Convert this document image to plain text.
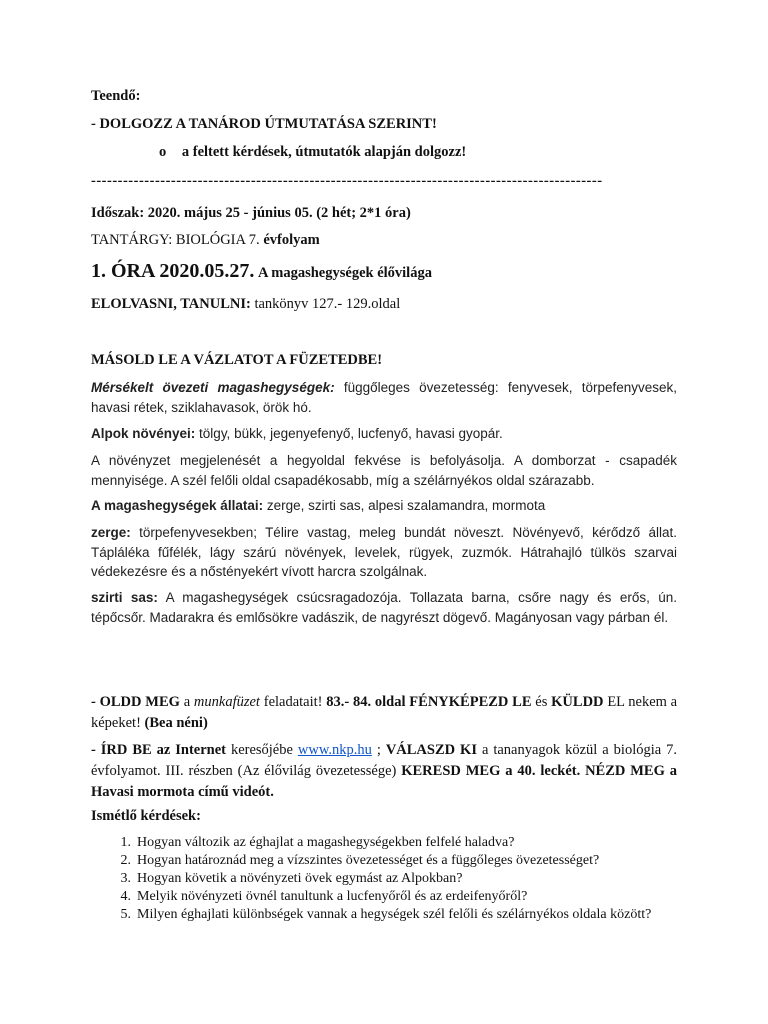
Teendő:
- DOLGOZZ A TANÁROD ÚTMUTATÁSA SZERINT!
o a feltett kérdések, útmutatók alapján dolgozz!
------------------------------------------------------------------------------------------------
Időszak: 2020. május 25 - június 05. (2 hét; 2*1 óra)
TANTÁRGY: BIOLÓGIA 7. évfolyam
1. ÓRA 2020.05.27. A magashegységek élővilága
ELOLVASNI, TANULNI: tankönyv 127.- 129.oldal
MÁSOLD LE A VÁZLATOT A FÜZETEDBE!
Mérsékelt övezeti magashegységek: függőleges övezetesség: fenyvesek, törpefenyvesek, havasi rétek, sziklahavasok, örök hó.
Alpok növényei: tölgy, bükk, jegenyefenyő, lucfenyő, havasi gyopár.
A növényzet megjelenését a hegyoldal fekvése is befolyásolja. A domborzat - csapadék mennyisége. A szél felőli oldal csapadékosabb, míg a szélárnyékos oldal szárazabb.
A magashegységek állatai: zerge, szirti sas, alpesi szalamandra, mormota
zerge: törpefenyvesekben; Télire vastag, meleg bundát növeszt. Növényevő, kérődző állat. Tápláléka fűfélék, lágy szárú növények, levelek, rügyek, zuzmók. Hátrahajló tülkös szarvai védekezésre és a nőstényekért vívott harcra szolgálnak.
szirti sas: A magashegységek csúcsragadozója. Tollazata barna, csőre nagy és erős, ún. tépőcsőr. Madarakra és emlősökre vadászik, de nagyrészt dögevő. Magányosan vagy párban él.
- OLDD MEG a munkafüzet feladatait! 83.- 84. oldal FÉNYKÉPEZD LE és KÜLDD EL nekem a képeket! (Bea néni)
- ÍRD BE az Internet keresőjébe www.nkp.hu ; VÁLASZD KI a tananyagok közül a biológia 7. évfolyamot. III. részben (Az élővilág övezetessége) KERESD MEG a 40. leckét. NÉZD MEG a Havasi mormota című videót.
Ismétlő kérdések:
1. Hogyan változik az éghajlat a magashegységekben felfelé haladva?
2. Hogyan határoznád meg a vízszintes övezetességet és a függőleges övezetességet?
3. Hogyan követik a növényzeti övek egymást az Alpokban?
4. Melyik növényzeti övnél tanultunk a lucfenyőről és az erdeifenyőről?
5. Milyen éghajlati különbségek vannak a hegységek szél felőli és szélárnyékos oldala között?
